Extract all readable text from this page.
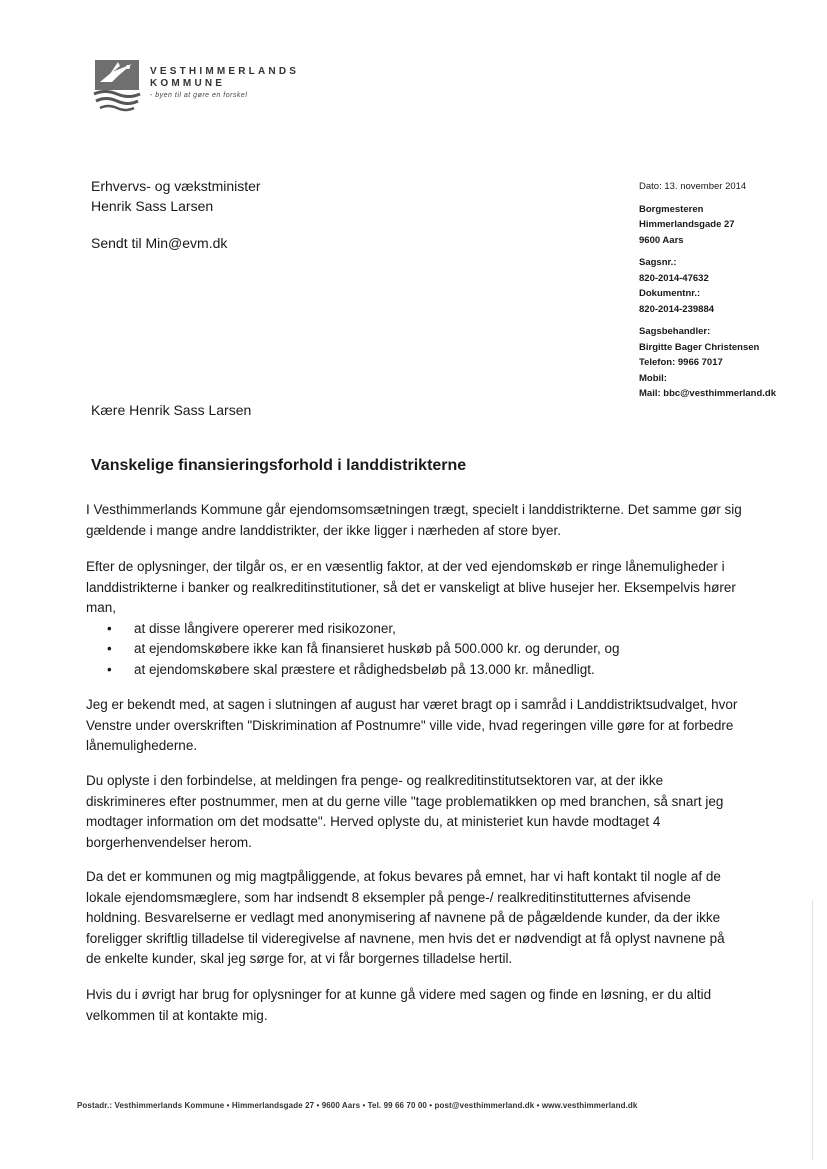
VESTHIMMERLANDS
KOMMUNE
- byen til at gøre en forskel
Erhvervs- og vækstminister
Henrik Sass Larsen
Sendt til Min@evm.dk
Dato: 13. november 2014
Borgmesteren
Himmerlandsgade 27
9600 Aars
Sagsnr.:
820-2014-47632
Dokumentnr.:
820-2014-239884
Sagsbehandler:
Birgitte Bager Christensen
Telefon: 9966 7017
Mobil:
Mail: bbc@vesthimmerland.dk
Kære Henrik Sass Larsen
Vanskelige finansieringsforhold i landdistrikterne
I Vesthimmerlands Kommune går ejendomsomsætningen trægt, specielt i landdistrikterne. Det samme gør sig gældende i mange andre landdistrikter, der ikke ligger i nærheden af store byer.
Efter de oplysninger, der tilgår os, er en væsentlig faktor, at der ved ejendomskøb er ringe lånemuligheder i landdistrikterne i banker og realkreditinstitutioner, så det er vanskeligt at blive husejer her. Eksempelvis hører man,
• at disse långivere opererer med risikozoner,
• at ejendomskøbere ikke kan få finansieret huskøb på 500.000 kr. og derunder, og
• at ejendomskøbere skal præstere et rådighedsbeløb på 13.000 kr. månedligt.
Jeg er bekendt med, at sagen i slutningen af august har været bragt op i samråd i Landdistriktsudvalget, hvor Venstre under overskriften "Diskrimination af Postnumre" ville vide, hvad regeringen ville gøre for at forbedre lånemulighederne.
Du oplyste i den forbindelse, at meldingen fra penge- og realkreditinstitutsektoren var, at der ikke diskrimineres efter postnummer, men at du gerne ville "tage problematikken op med branchen, så snart jeg modtager information om det modsatte". Herved oplyste du, at ministeriet kun havde modtaget 4 borgerhenvendelser herom.
Da det er kommunen og mig magtpåliggende, at fokus bevares på emnet, har vi haft kontakt til nogle af de lokale ejendomsmæglere, som har indsendt 8 eksempler på penge-/ realkreditinstitutternes afvisende holdning. Besvarelserne er vedlagt med anonymisering af navnene på de pågældende kunder, da der ikke foreligger skriftlig tilladelse til videregivelse af navnene, men hvis det er nødvendigt at få oplyst navnene på de enkelte kunder, skal jeg sørge for, at vi får borgernes tilladelse hertil.
Hvis du i øvrigt har brug for oplysninger for at kunne gå videre med sagen og finde en løsning, er du altid velkommen til at kontakte mig.
Postadr.: Vesthimmerlands Kommune • Himmerlandsgade 27 • 9600 Aars • Tel. 99 66 70 00 • post@vesthimmerland.dk • www.vesthimmerland.dk
